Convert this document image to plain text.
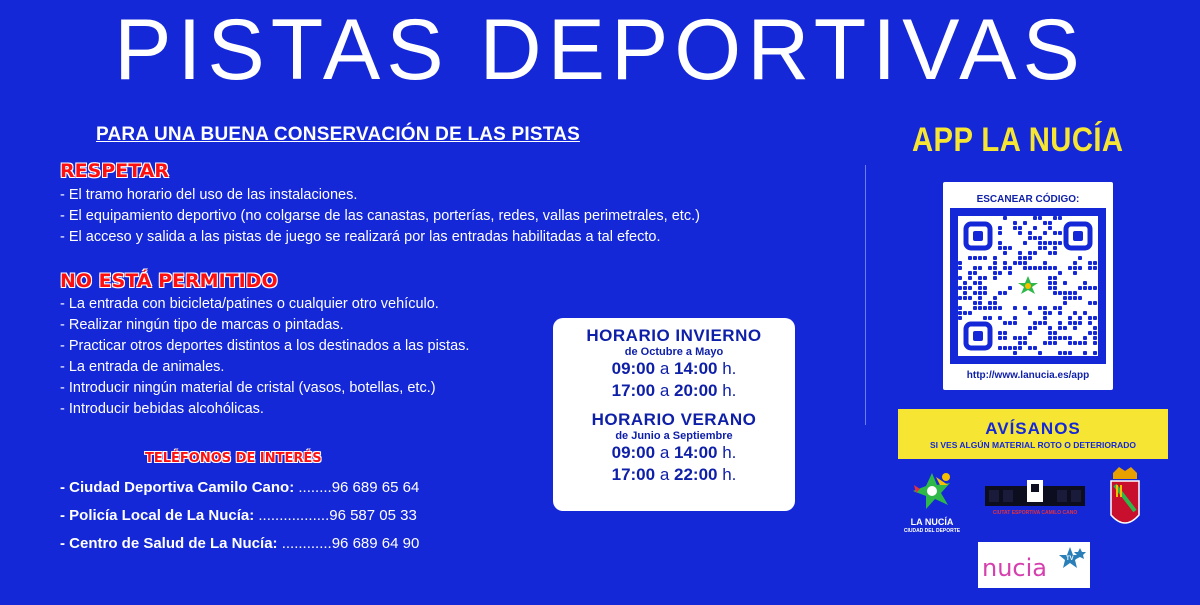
PISTAS DEPORTIVAS
PARA UNA BUENA CONSERVACIÓN DE LAS PISTAS
RESPETAR
- El tramo horario del uso de las instalaciones.
- El equipamiento deportivo (no colgarse de las canastas, porterías, redes, vallas perimetrales, etc.)
- El acceso y salida a las pistas de juego se realizará por las entradas habilitadas a tal efecto.
NO ESTÁ PERMITIDO
- La entrada con bicicleta/patines o cualquier otro vehículo.
- Realizar ningún tipo de marcas o pintadas.
- Practicar otros deportes distintos a los destinados a las pistas.
- La entrada de animales.
- Introducir ningún material de cristal (vasos, botellas, etc.)
- Introducir bebidas alcohólicas.
TELÉFONOS DE INTERÉS
- Ciudad Deportiva Camilo Cano: ........96 689 65 64
- Policía Local de La Nucía: .................96 587 05 33
- Centro de Salud de La Nucía: ............96 689 64 90
HORARIO INVIERNO
de Octubre a Mayo
09:00 a 14:00 h.
17:00 a 20:00 h.
HORARIO VERANO
de Junio a Septiembre
09:00 a 14:00 h.
17:00 a 22:00 h.
APP LA NUCÍA
ESCANEAR CÓDIGO:
http://www.lanucia.es/app
AVÍSANOS
SI VES ALGÚN MATERIAL ROTO O DETERIORADO
LA NUCÍA
CIUDAD DEL DEPORTE
CIUTAT ESPORTIVA CAMILO CANO
nucia	TV
